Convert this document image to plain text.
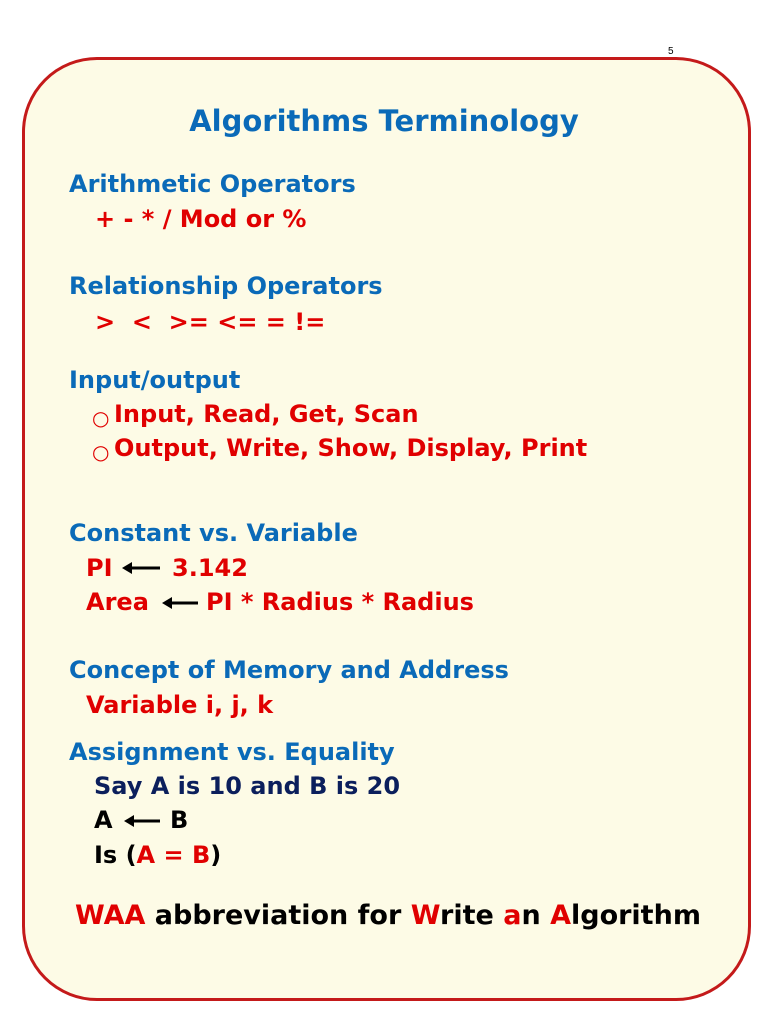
5
Algorithms Terminology
Arithmetic Operators
+ - * / Mod or %
Relationship Operators
>  <  >= <= = !=
Input/output
○ Input, Read, Get, Scan
○ Output, Write, Show, Display, Print
Constant vs. Variable
PI 3.142
Area PI * Radius * Radius
Concept of Memory and Address
Variable i, j, k
Assignment vs. Equality
Say A is 10 and B is 20
A B
Is (A = B)
WAA abbreviation for Write an Algorithm
